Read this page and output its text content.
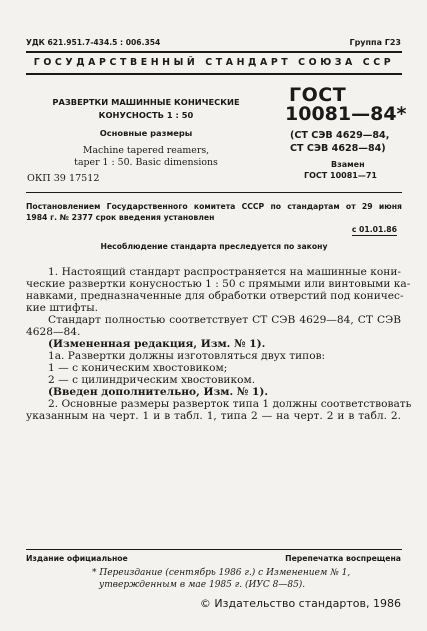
УДК 621.951.7-434.5 : 006.354	Группа Г23
ГОСУДАРСТВЕННЫЙ СТАНДАРТ СОЮЗА ССР
РАЗВЕРТКИ МАШИННЫЕ КОНИЧЕСКИЕ
КОНУСНОСТЬ 1 : 50
Основные размеры
Machine tapered reamers,
taper 1 : 50. Basic dimensions
ОКП 39 17512
ГОСТ
10081—84*
(СТ СЭВ 4629—84,
СТ СЭВ 4628—84)
Взамен
ГОСТ 10081—71
Постановлением Государственного комитета СССР по стандартам от 29 июня
1984 г. № 2377 срок введения установлен
с 01.01.86
Несоблюдение стандарта преследуется по закону
1. Настоящий стандарт распространяется на машинные кони-
ческие развертки конусностью 1 : 50 с прямыми или винтовыми ка-
навками, предназначенные для обработки отверстий под коничес-
кие штифты.
Стандарт полностью соответствует СТ СЭВ 4629—84, СТ СЭВ
4628—84.
(Измененная редакция, Изм. № 1).
1а. Развертки должны изготовляться двух типов:
1 — с коническим хвостовиком;
2 — с цилиндрическим хвостовиком.
(Введен дополнительно, Изм. № 1).
2. Основные размеры разверток типа 1 должны соответствовать
указанным на черт. 1 и в табл. 1, типа 2 — на черт. 2 и в табл. 2.
Издание официальное	Перепечатка воспрещена
* Переиздание (сентябрь 1986 г.) с Изменением № 1,
утвержденным в мае 1985 г. (ИУС 8—85).
© Издательство стандартов, 1986
